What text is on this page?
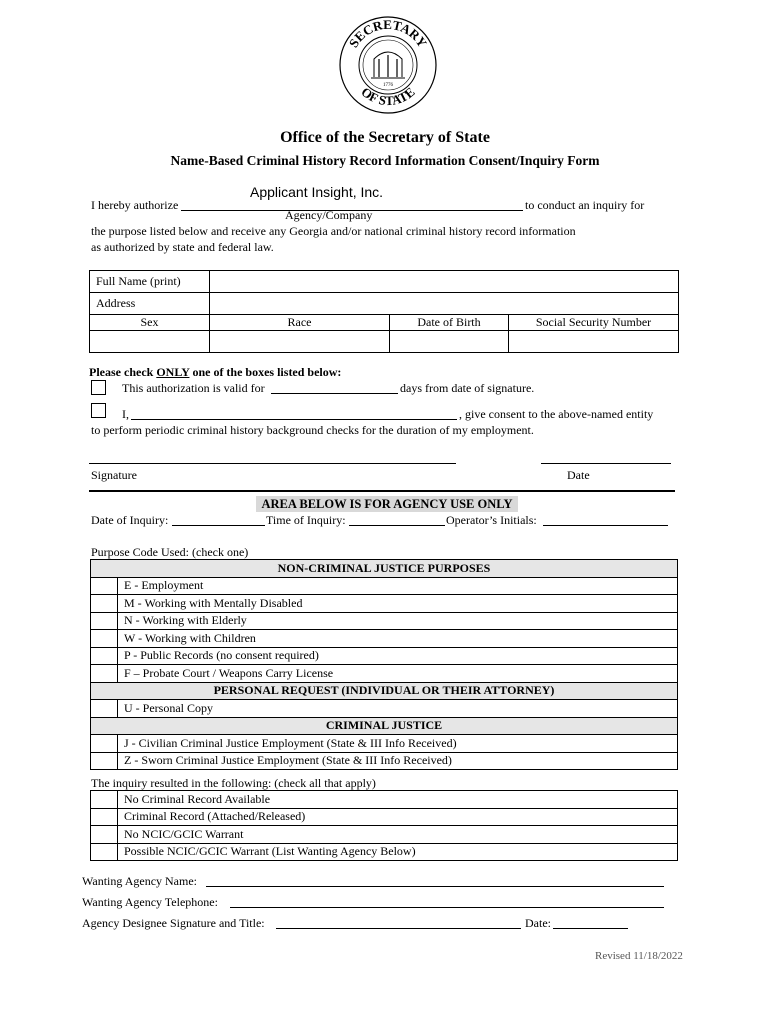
SECRETARY
OF STATE
1776
Office of the Secretary of State
Name-Based Criminal History Record Information Consent/Inquiry Form
Applicant Insight, Inc.
I hereby authorize	to conduct an inquiry for
Agency/Company
the purpose listed below and receive any Georgia and/or national criminal history record information
as authorized by state and federal law.
Full Name (print)			
Address			
Sex	Race	Date of Birth	Social Security Number

Please check ONLY one of the boxes listed below:
This authorization is valid for	days from date of signature.
I,	, give consent to the above-named entity
to perform periodic criminal history background checks for the duration of my employment.
Signature	Date
AREA BELOW IS FOR AGENCY USE ONLY
Date of Inquiry:	Time of Inquiry:	Operator’s Initials:
Purpose Code Used: (check one)
NON-CRIMINAL JUSTICE PURPOSES	
	E - Employment
	M - Working with Mentally Disabled
	N - Working with Elderly
	W - Working with Children
	P - Public Records (no consent required)
	F – Probate Court / Weapons Carry License
PERSONAL REQUEST (INDIVIDUAL OR THEIR ATTORNEY)	
	U - Personal Copy
CRIMINAL JUSTICE	
	J - Civilian Criminal Justice Employment (State & III Info Received)
	Z - Sworn Criminal Justice Employment (State & III Info Received)
The inquiry resulted in the following: (check all that apply)
	No Criminal Record Available
	Criminal Record (Attached/Released)
	No NCIC/GCIC Warrant
	Possible NCIC/GCIC Warrant (List Wanting Agency Below)
Wanting Agency Name:
Wanting Agency Telephone:
Agency Designee Signature and Title:	Date:
Revised 11/18/2022
